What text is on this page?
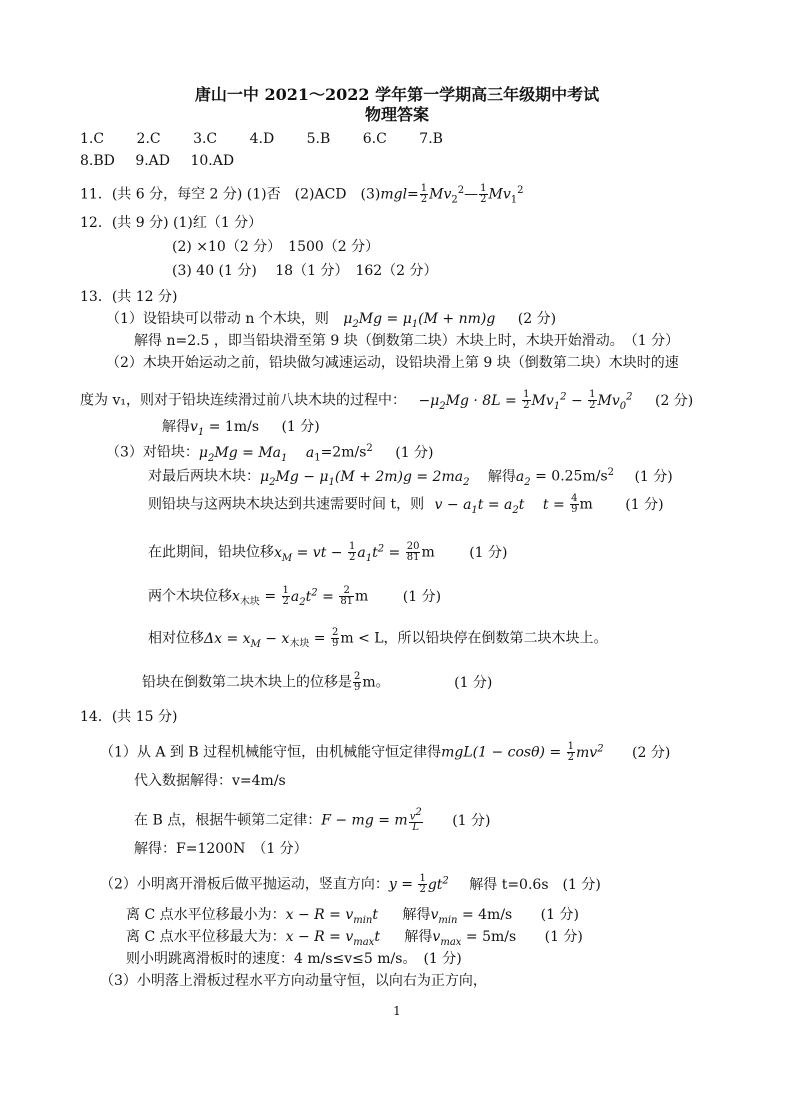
唐山一中 2021～2022 学年第一学期高三年级期中考试
物理答案
1.C 2.C 3.C 4.D 5.B 6.C 7.B
8.BD 9.AD 10.AD
11．(共 6 分，每空 2 分) (1)否　(2)ACD　$(3)mgl= \frac{1}{2}$ $Mv_2^2— \frac{1}{2} Mv_1^2$
12．(共 9 分) (1)红（1 分）
(2) ×10（2 分）　1500（2 分）
(3) 40 (1 分)　 18（1 分）　162（2 分）
13．(共 12 分)
（1）设铅块可以带动 n 个木块，则 $\mu_2Mg = \mu_1(M + nm)g$ (2 分)
解得 n=2.5 ，即当铅块滑至第 9 块（倒数第二块）木块上时，木块开始滑动。　（1 分）
（2）木块开始运动之前，铅块做匀减速运动，设铅块滑上第 9 块（倒数第二块）木块时的速
度为 v₁，则对于铅块连续滑过前八块木块的过程中： $-\mu_2Mg \cdot 8L = \frac{1}{2} Mv_1^2 - \frac{1}{2} Mv_0^2$ (2 分)
解得$v_1 = 1m/s$ (1 分)
（3）对铅块：$\mu_2Mg = Ma_1$ $a_1=2m/s^2$ (1 分)
对最后两块木块：$\mu_2Mg - \mu_1(M + 2m)g = 2ma_2$ 解得$a_2 = 0.25m/s^2$ (1 分)
则铅块与这两块木块达到共速需要时间 t，则 $v - a_1t = a_2t$ $t = \frac{4}{9}$ m (1 分)
在此期间，铅块位移$x_M$ = vt − $\frac{1}{2} a_1t^2 = \frac{20}{81}$ m (1 分)
两个木块位移$x_{木块} = \frac{1}{2} a_2t^2 = \frac{2}{81}$ m (1 分)
相对位移$\Delta x = x_M - x_{木块} = \frac{2}{9}$ m < L，所以铅块停在倒数第二块木块上。
铅块在倒数第二块木块上的位移是 $\frac{2}{9}$ m。	(1 分)
14．(共 15 分)
（1）从 A 到 B 过程机械能守恒，由机械能守恒定律得$mgL(1 - \cos\theta) = \frac{1}{2} mv^2$ (2 分)
代入数据解得：v=4m/s
在 B 点，根据牛顿第二定律：F − mg = m $\frac{v^2}{L} (1$ 分)
解得：F=1200N　（1 分）
（2）小明离开滑板后做平抛运动，竖直方向：$y = \frac{1}{2} gt^2$ 解得 t=0.6s　(1 分)
离 C 点水平位移最小为：$x - R = v_{min}t$ 解得$v_{min} = 4m/s$ (1 分)
离 C 点水平位移最大为：$x - R = v_{max}t$ 解得$v_{max} = 5m/s$ (1 分)
则小明跳离滑板时的速度：4 m/s≤v≤5 m/s。　(1 分)
（3）小明落上滑板过程水平方向动量守恒，以向右为正方向，
1
